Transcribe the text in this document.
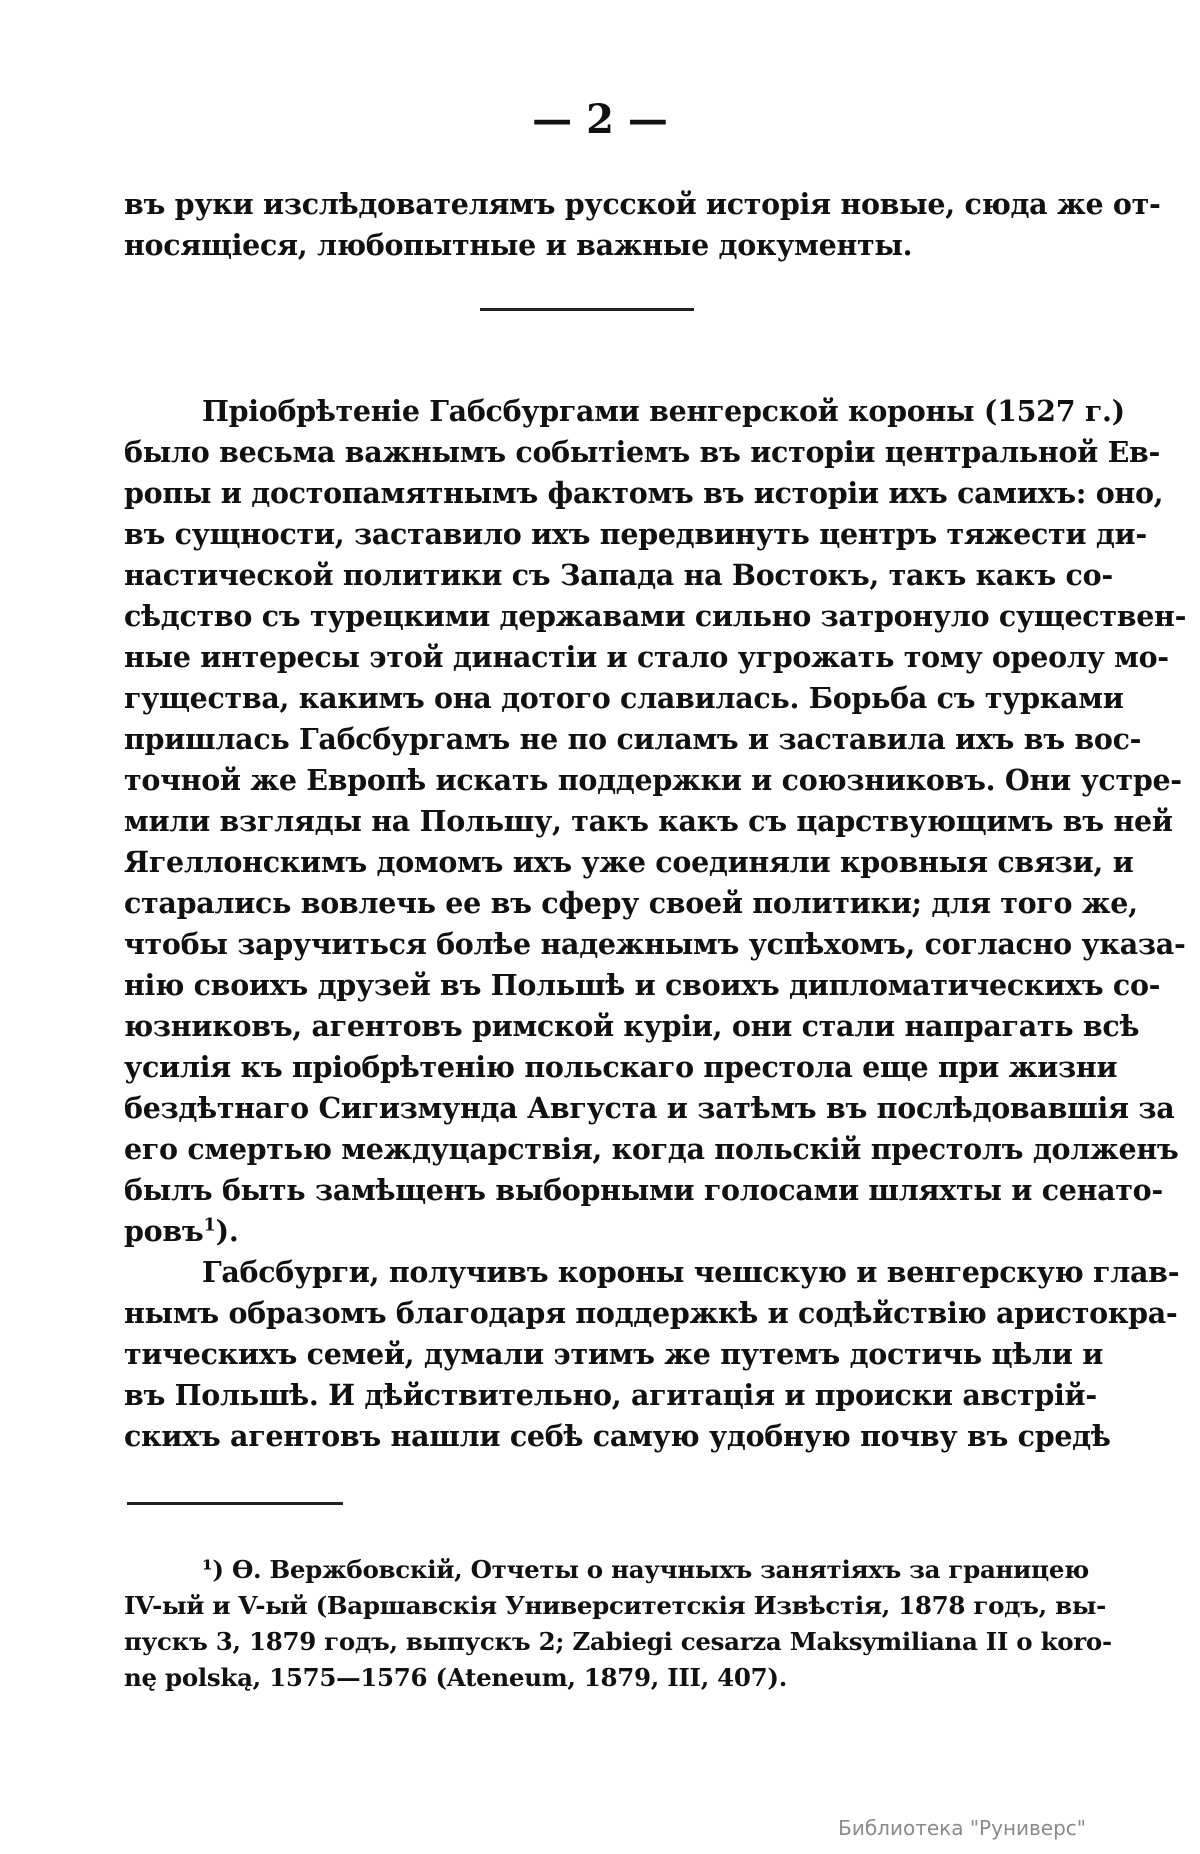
— 2 —
въ руки изслѣдователямъ русской исторія новые, сюда же от-
носящіеся, любопытные и важные документы.
Пріобрѣтеніе Габсбургами венгерской короны (1527 г.)
было весьма важнымъ событіемъ въ исторіи центральной Ев-
ропы и достопамятнымъ фактомъ въ исторіи ихъ самихъ: оно,
въ сущности, заставило ихъ передвинуть центръ тяжести ди-
настической политики съ Запада на Востокъ, такъ какъ со-
сѣдство съ турецкими державами сильно затронуло существен-
ные интересы этой династіи и стало угрожать тому ореолу мо-
гущества, какимъ она дотого славилась. Борьба съ турками
пришлась Габсбургамъ не по силамъ и заставила ихъ въ вос-
точной же Европѣ искать поддержки и союзниковъ. Они устре-
мили взгляды на Польшу, такъ какъ съ царствующимъ въ ней
Ягеллонскимъ домомъ ихъ уже соединяли кровныя связи, и
старались вовлечь ее въ сферу своей политики; для того же,
чтобы заручиться болѣе надежнымъ успѣхомъ, согласно указа-
нію своихъ друзей въ Польшѣ и своихъ дипломатическихъ со-
юзниковъ, агентовъ римской куріи, они стали напрагать всѣ
усилія къ пріобрѣтенію польскаго престола еще при жизни
бездѣтнаго Сигизмунда Августа и затѣмъ въ послѣдовавшія за
его смертью междуцарствія, когда польскій престолъ долженъ
былъ быть замѣщенъ выборными голосами шляхты и сенато-
ровъ$^1$).
Габсбурги, получивъ короны чешскую и венгерскую глав-
нымъ образомъ благодаря поддержкѣ и содѣйствію аристокра-
тическихъ семей, думали этимъ же путемъ достичь цѣли и
въ Польшѣ. И дѣйствительно, агитація и происки австрій-
скихъ агентовъ нашли себѣ самую удобную почву въ средѣ
¹) Ѳ. Вержбовскій, Отчеты о научныхъ занятіяхъ за границею
IV-ый и V-ый (Варшавскія Университетскія Извѣстія, 1878 годъ, вы-
пускъ 3, 1879 годъ, выпускъ 2; Zabiegi cesarza Maksymiliana II o koro-
nę polską, 1575—1576 (Ateneum, 1879, III, 407).
Библиотека "Руниверс"
